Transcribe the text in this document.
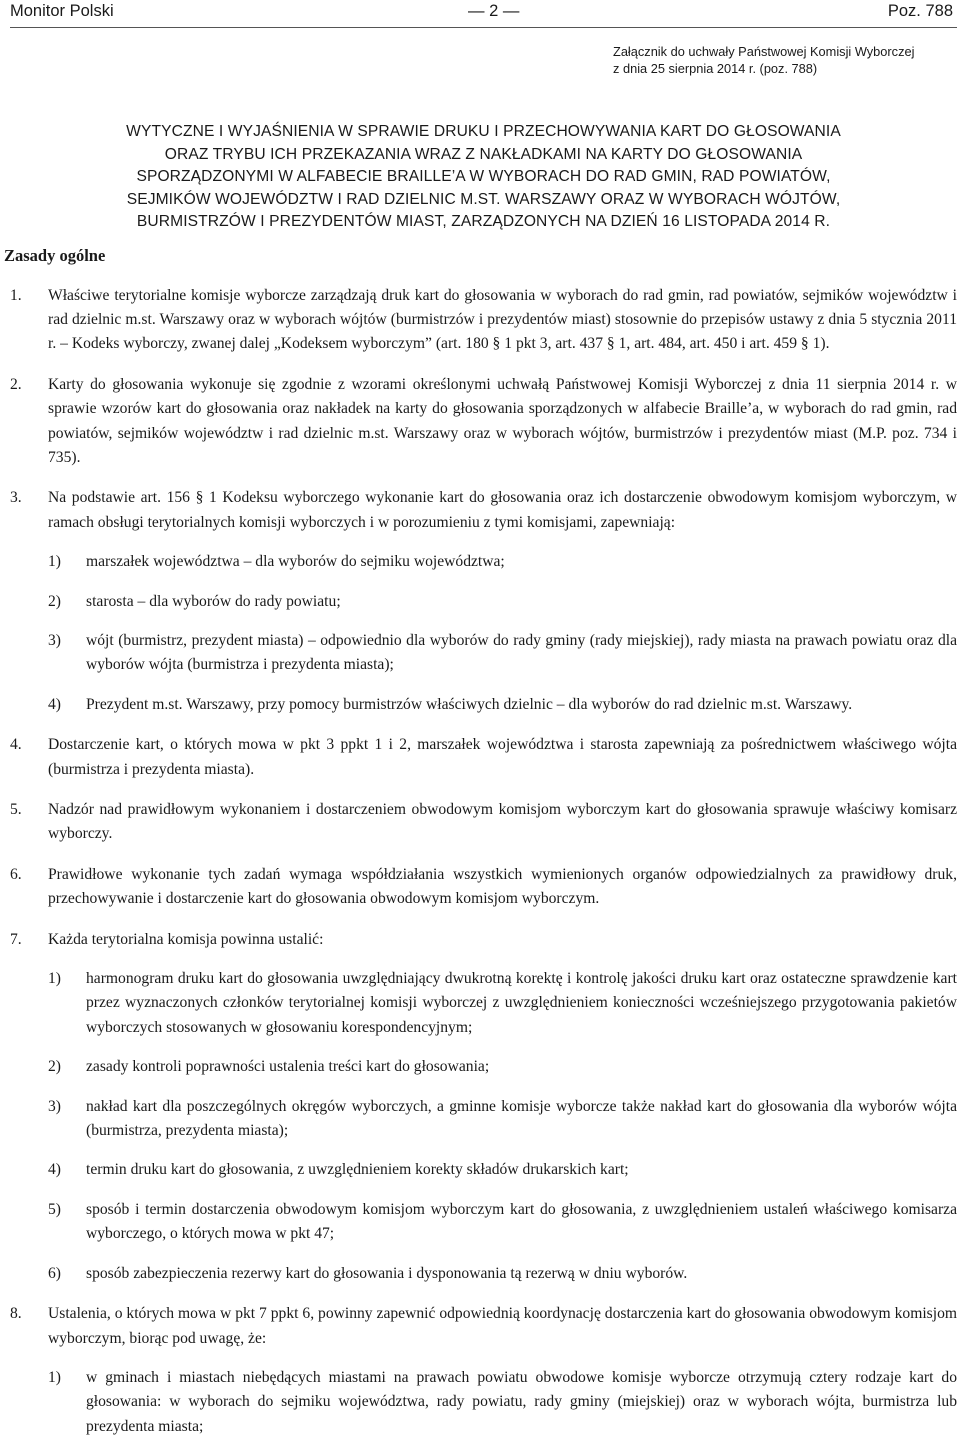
Monitor Polski	— 2 —	Poz. 788
Załącznik do uchwały Państwowej Komisji Wyborczej
z dnia 25 sierpnia 2014 r. (poz. 788)
WYTYCZNE I WYJAŚNIENIA W SPRAWIE DRUKU I PRZECHOWYWANIA KART DO GŁOSOWANIA
ORAZ TRYBU ICH PRZEKAZANIA WRAZ Z NAKŁADKAMI NA KARTY DO GŁOSOWANIA
SPORZĄDZONYMI W ALFABECIE BRAILLE’A W WYBORACH DO RAD GMIN, RAD POWIATÓW,
SEJMIKÓW WOJEWÓDZTW I RAD DZIELNIC M.ST. WARSZAWY ORAZ W WYBORACH WÓJTÓW,
BURMISTRZÓW I PREZYDENTÓW MIAST, ZARZĄDZONYCH NA DZIEŃ 16 LISTOPADA 2014 R.
Zasady ogólne
1.	Właściwe terytorialne komisje wyborcze zarządzają druk kart do głosowania w wyborach do rad gmin, rad powiatów, sejmików województw i rad dzielnic m.st. Warszawy oraz w wyborach wójtów (burmistrzów i prezydentów miast) stosownie do przepisów ustawy z dnia 5 stycznia 2011 r. – Kodeks wyborczy, zwanej dalej „Kodeksem wyborczym” (art. 180 § 1 pkt 3, art. 437 § 1, art. 484, art. 450 i art. 459 § 1).
2.	Karty do głosowania wykonuje się zgodnie z wzorami określonymi uchwałą Państwowej Komisji Wyborczej z dnia 11 sierpnia 2014 r. w sprawie wzorów kart do głosowania oraz nakładek na karty do głosowania sporządzonych w alfabecie Braille’a, w wyborach do rad gmin, rad powiatów, sejmików województw i rad dzielnic m.st. Warszawy oraz w wyborach wójtów, burmistrzów i prezydentów miast (M.P. poz. 734 i 735).
3.	Na podstawie art. 156 § 1 Kodeksu wyborczego wykonanie kart do głosowania oraz ich dostarczenie obwodowym komisjom wyborczym, w ramach obsługi terytorialnych komisji wyborczych i w porozumieniu z tymi komisjami, zapewniają:
1)	marszałek województwa – dla wyborów do sejmiku województwa;
2)	starosta – dla wyborów do rady powiatu;
3)	wójt (burmistrz, prezydent miasta) – odpowiednio dla wyborów do rady gminy (rady miejskiej), rady miasta na prawach powiatu oraz dla wyborów wójta (burmistrza i prezydenta miasta);
4)	Prezydent m.st. Warszawy, przy pomocy burmistrzów właściwych dzielnic – dla wyborów do rad dzielnic m.st. Warszawy.
4.	Dostarczenie kart, o których mowa w pkt 3 ppkt 1 i 2, marszałek województwa i starosta zapewniają za pośrednictwem właściwego wójta (burmistrza i prezydenta miasta).
5.	Nadzór nad prawidłowym wykonaniem i dostarczeniem obwodowym komisjom wyborczym kart do głosowania sprawuje właściwy komisarz wyborczy.
6.	Prawidłowe wykonanie tych zadań wymaga współdziałania wszystkich wymienionych organów odpowiedzialnych za prawidłowy druk, przechowywanie i dostarczenie kart do głosowania obwodowym komisjom wyborczym.
7.	Każda terytorialna komisja powinna ustalić:
1)	harmonogram druku kart do głosowania uwzględniający dwukrotną korektę i kontrolę jakości druku kart oraz ostateczne sprawdzenie kart przez wyznaczonych członków terytorialnej komisji wyborczej z uwzględnieniem konieczności wcześniejszego przygotowania pakietów wyborczych stosowanych w głosowaniu korespondencyjnym;
2)	zasady kontroli poprawności ustalenia treści kart do głosowania;
3)	nakład kart dla poszczególnych okręgów wyborczych, a gminne komisje wyborcze także nakład kart do głosowania dla wyborów wójta (burmistrza, prezydenta miasta);
4)	termin druku kart do głosowania, z uwzględnieniem korekty składów drukarskich kart;
5)	sposób i termin dostarczenia obwodowym komisjom wyborczym kart do głosowania, z uwzględnieniem ustaleń właściwego komisarza wyborczego, o których mowa w pkt 47;
6)	sposób zabezpieczenia rezerwy kart do głosowania i dysponowania tą rezerwą w dniu wyborów.
8.	Ustalenia, o których mowa w pkt 7 ppkt 6, powinny zapewnić odpowiednią koordynację dostarczenia kart do głosowania obwodowym komisjom wyborczym, biorąc pod uwagę, że:
1)	w gminach i miastach niebędących miastami na prawach powiatu obwodowe komisje wyborcze otrzymują cztery rodzaje kart do głosowania: w wyborach do sejmiku województwa, rady powiatu, rady gminy (miejskiej) oraz w wyborach wójta, burmistrza lub prezydenta miasta;
